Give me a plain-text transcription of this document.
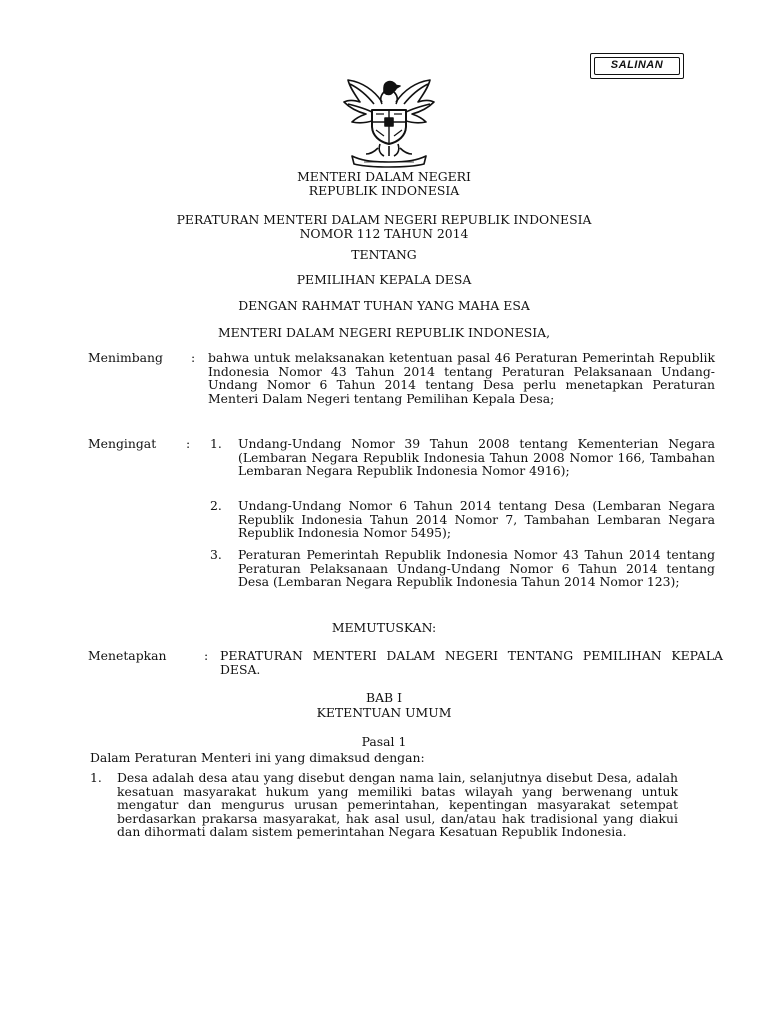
SALINAN
MENTERI DALAM NEGERI
REPUBLIK INDONESIA
PERATURAN MENTERI DALAM NEGERI REPUBLIK INDONESIA
NOMOR 112 TAHUN 2014
TENTANG
PEMILIHAN KEPALA DESA
DENGAN RAHMAT TUHAN YANG MAHA ESA
MENTERI DALAM NEGERI REPUBLIK INDONESIA,
Menimbang : bahwa untuk melaksanakan ketentuan pasal 46 Peraturan Pemerintah Republik Indonesia Nomor 43 Tahun 2014 tentang Peraturan Pelaksanaan Undang-Undang Nomor 6 Tahun 2014 tentang Desa perlu menetapkan Peraturan Menteri Dalam Negeri tentang Pemilihan Kepala Desa;
Mengingat : 1. Undang-Undang Nomor 39 Tahun 2008 tentang Kementerian Negara (Lembaran Negara Republik Indonesia Tahun 2008 Nomor 166, Tambahan Lembaran Negara Republik Indonesia Nomor 4916);
2. Undang-Undang Nomor 6 Tahun 2014 tentang Desa (Lembaran Negara Republik Indonesia Tahun 2014 Nomor 7, Tambahan Lembaran Negara Republik Indonesia Nomor 5495);
3. Peraturan Pemerintah Republik Indonesia Nomor 43 Tahun 2014 tentang Peraturan Pelaksanaan Undang-Undang Nomor 6 Tahun 2014 tentang Desa (Lembaran Negara Republik Indonesia Tahun 2014 Nomor 123);
MEMUTUSKAN:
Menetapkan	: PERATURAN MENTERI DALAM NEGERI TENTANG PEMILIHAN KEPALA DESA.
BAB I
KETENTUAN UMUM
Pasal 1
Dalam Peraturan Menteri ini yang dimaksud dengan:
1. Desa adalah desa atau yang disebut dengan nama lain, selanjutnya disebut Desa, adalah kesatuan masyarakat hukum yang memiliki batas wilayah yang berwenang untuk mengatur dan mengurus urusan pemerintahan, kepentingan masyarakat setempat berdasarkan prakarsa masyarakat, hak asal usul, dan/atau hak tradisional yang diakui dan dihormati dalam sistem pemerintahan Negara Kesatuan Republik Indonesia.
